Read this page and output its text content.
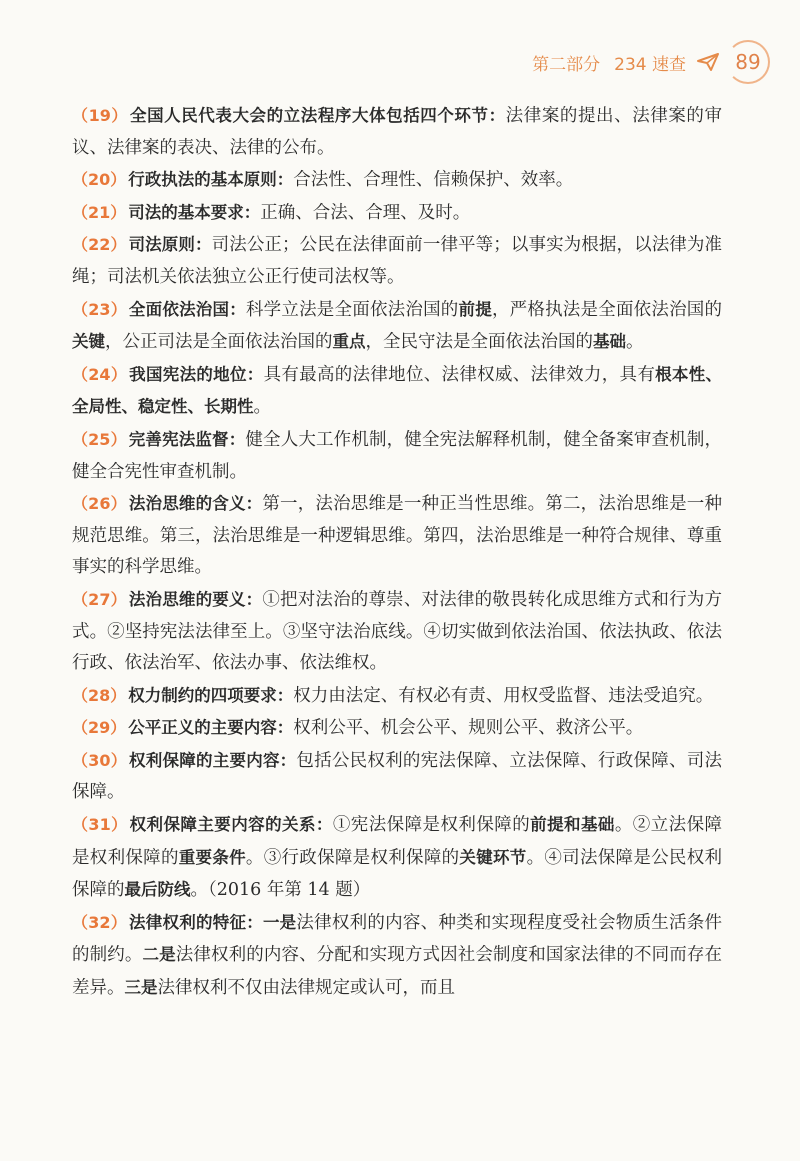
第二部分 234 速查	89

（19） 全国人民代表大会的立法程序大体包括四个环节：法律案的提出、法律案的审议、法律案的表决、法律的公布。

（20） 行政执法的基本原则：合法性、合理性、信赖保护、效率。

（21） 司法的基本要求：正确、合法、合理、及时。

（22） 司法原则：司法公正；公民在法律面前一律平等；以事实为根据，以法律为准绳；司法机关依法独立公正行使司法权等。

（23） 全面依法治国：科学立法是全面依法治国的前提，严格执法是全面依法治国的关键，公正司法是全面依法治国的重点，全民守法是全面依法治国的基础。

（24） 我国宪法的地位：具有最高的法律地位、法律权威、法律效力，具有根本性、全局性、稳定性、长期性。

（25） 完善宪法监督：健全人大工作机制，健全宪法解释机制，健全备案审查机制，健全合宪性审查机制。

（26） 法治思维的含义：第一，法治思维是一种正当性思维。第二，法治思维是一种规范思维。第三，法治思维是一种逻辑思维。第四，法治思维是一种符合规律、尊重事实的科学思维。

（27） 法治思维的要义：①把对法治的尊崇、对法律的敬畏转化成思维方式和行为方式。②坚持宪法法律至上。③坚守法治底线。④切实做到依法治国、依法执政、依法行政、依法治军、依法办事、依法维权。

（28） 权力制约的四项要求：权力由法定、有权必有责、用权受监督、违法受追究。

（29） 公平正义的主要内容：权利公平、机会公平、规则公平、救济公平。

（30） 权利保障的主要内容：包括公民权利的宪法保障、立法保障、行政保障、司法保障。

（31） 权利保障主要内容的关系：①宪法保障是权利保障的前提和基础。②立法保障是权利保障的重要条件。③行政保障是权利保障的关键环节。④司法保障是公民权利保障的最后防线。（2016 年第 14 题）

（32） 法律权利的特征：一是法律权利的内容、种类和实现程度受社会物质生活条件的制约。二是法律权利的内容、分配和实现方式因社会制度和国家法律的不同而存在差异。三是法律权利不仅由法律规定或认可，而且
